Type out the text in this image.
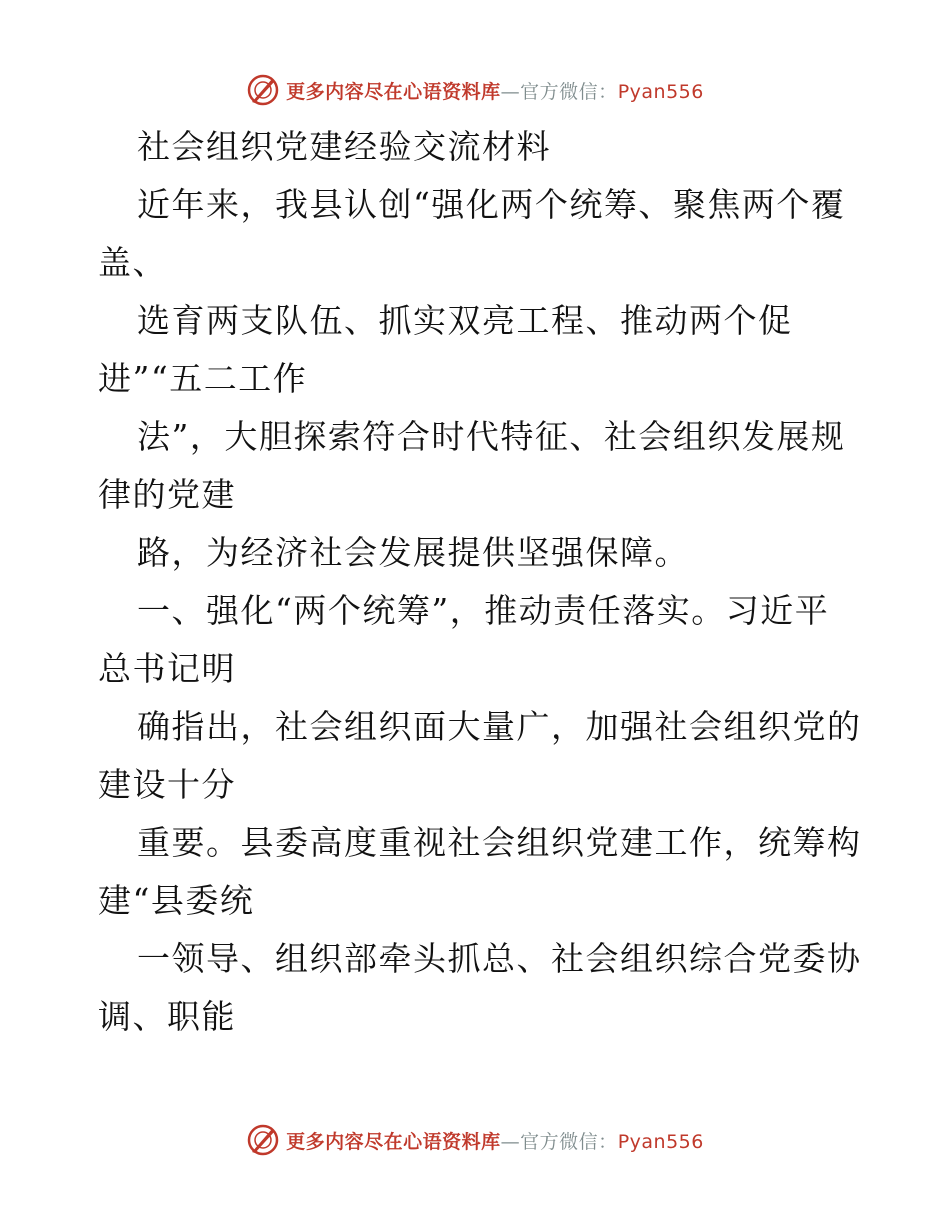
更多内容尽在心语资料库—官方微信：Pyan556
社会组织党建经验交流材料
近年来，我县认创“强化两个统筹、聚焦两个覆
盖、
选育两支队伍、抓实双亮工程、推动两个促
进”“五二工作
法”，大胆探索符合时代特征、社会组织发展规
律的党建
路，为经济社会发展提供坚强保障。
一、强化“两个统筹”，推动责任落实。习近平
总书记明
确指出，社会组织面大量广，加强社会组织党的
建设十分
重要。县委高度重视社会组织党建工作，统筹构
建“县委统
一领导、组织部牵头抓总、社会组织综合党委协
调、职能
更多内容尽在心语资料库—官方微信：Pyan556
